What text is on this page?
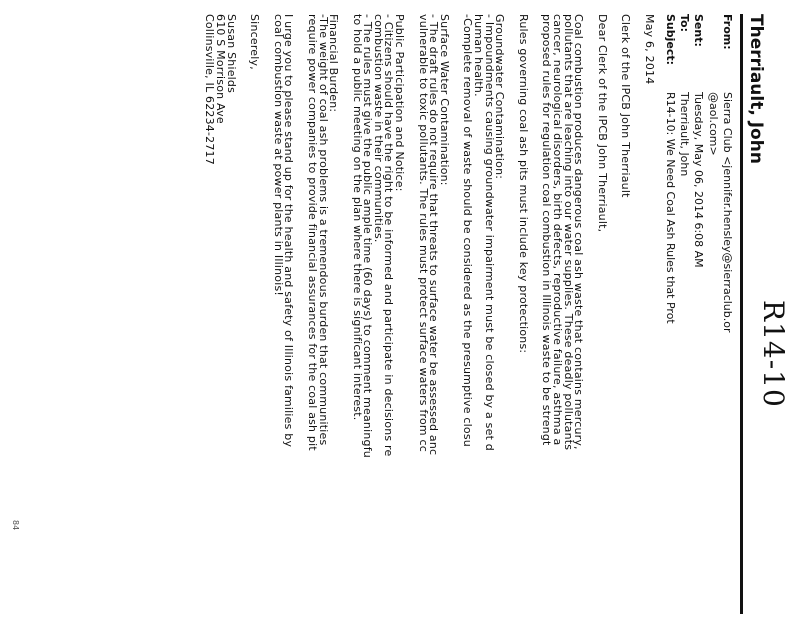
R14-10
Therriault, John
From:
Sierra Club <jennifer.hensley@sierraclub.or
@aol.com>
Sent:
Tuesday, May 06, 2014 6:08 AM
To:
Therriault, John
Subject:
R14-10: We Need Coal Ash Rules that Prot
May 6, 2014
Clerk of the IPCB John Therriault
Dear Clerk of the IPCB John Therriault,
Coal combustion produces dangerous coal ash waste that contains mercury,
pollutants that are leaching into our water supplies. These deadly pollutants
cancer, neurological disorders, birth defects, reproductive failure, asthma a
proposed rules for regulation coal combustion in Illinois waste to be strengt
Rules governing coal ash pits must include key protections:
Groundwater Contamination:
- Impoundments causing groundwater impairment must be closed by a set d
human health.
-Complete removal of waste should be considered as the presumptive closu
Surface Water Contamination:
- The draft rules do not require that threats to surface water be assessed anc
vulnerable to toxic pollutants. The rules must protect surface waters from cc
Public Participation and Notice:
- Citizens should have the right to be informed and participate in decisions re
combustion waste in their communities.
- The rules must give the public ample time (60 days) to comment meaningfu
to hold a public meeting on the plan where there is significant interest.
Financial Burden:
-The weight of coal ash problems is a tremendous burden that communities
require power companies to provide financial assurances for the coal ash pit
I urge you to please stand up for the health and safety of Illinois families by
coal combustion waste at power plants in Illinois!
Sincerely,
Susan Shields
610 S Morrison Ave
Collinsville, IL 62234-2717
84
